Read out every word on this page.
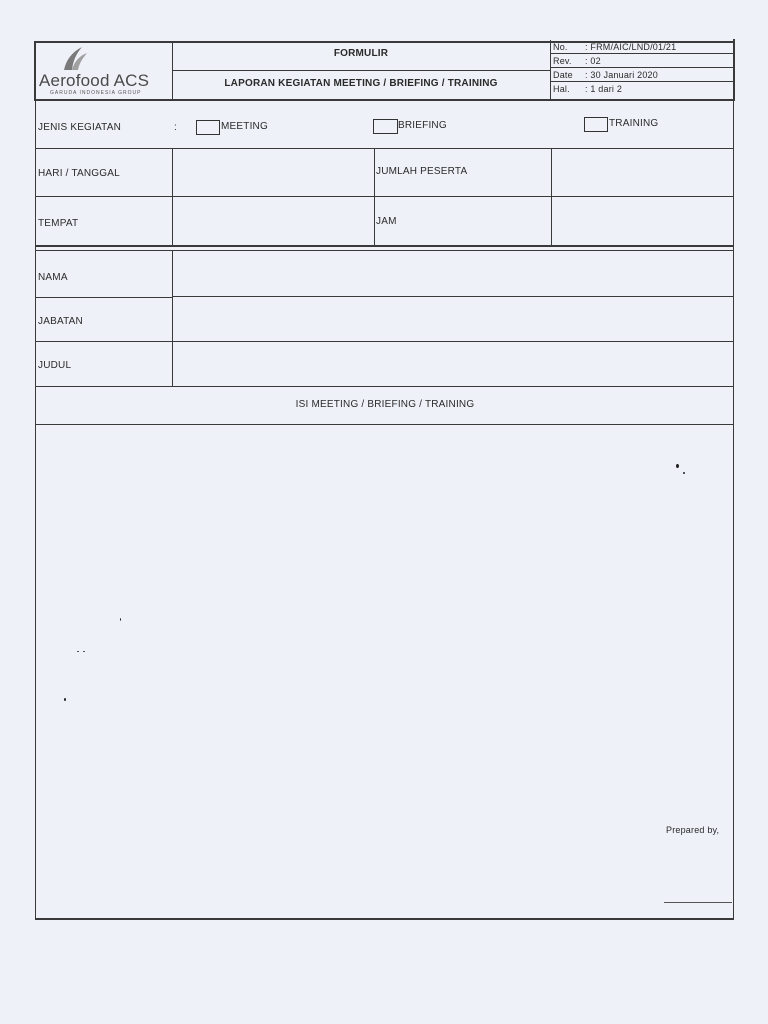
Aerofood ACS
GARUDA INDONESIA GROUP
FORMULIR
LAPORAN KEGIATAN MEETING / BRIEFING / TRAINING
No. : FRM/AIC/LND/01/21
Rev. : 02
Date : 30 Januari 2020
Hal. : 1 dari 2
JENIS KEGIATAN	:	MEETING	BRIEFING	TRAINING
HARI / TANGGAL	JUMLAH PESERTA
TEMPAT	JAM
NAMA
JABATAN
JUDUL
ISI MEETING / BRIEFING / TRAINING
Prepared by,
